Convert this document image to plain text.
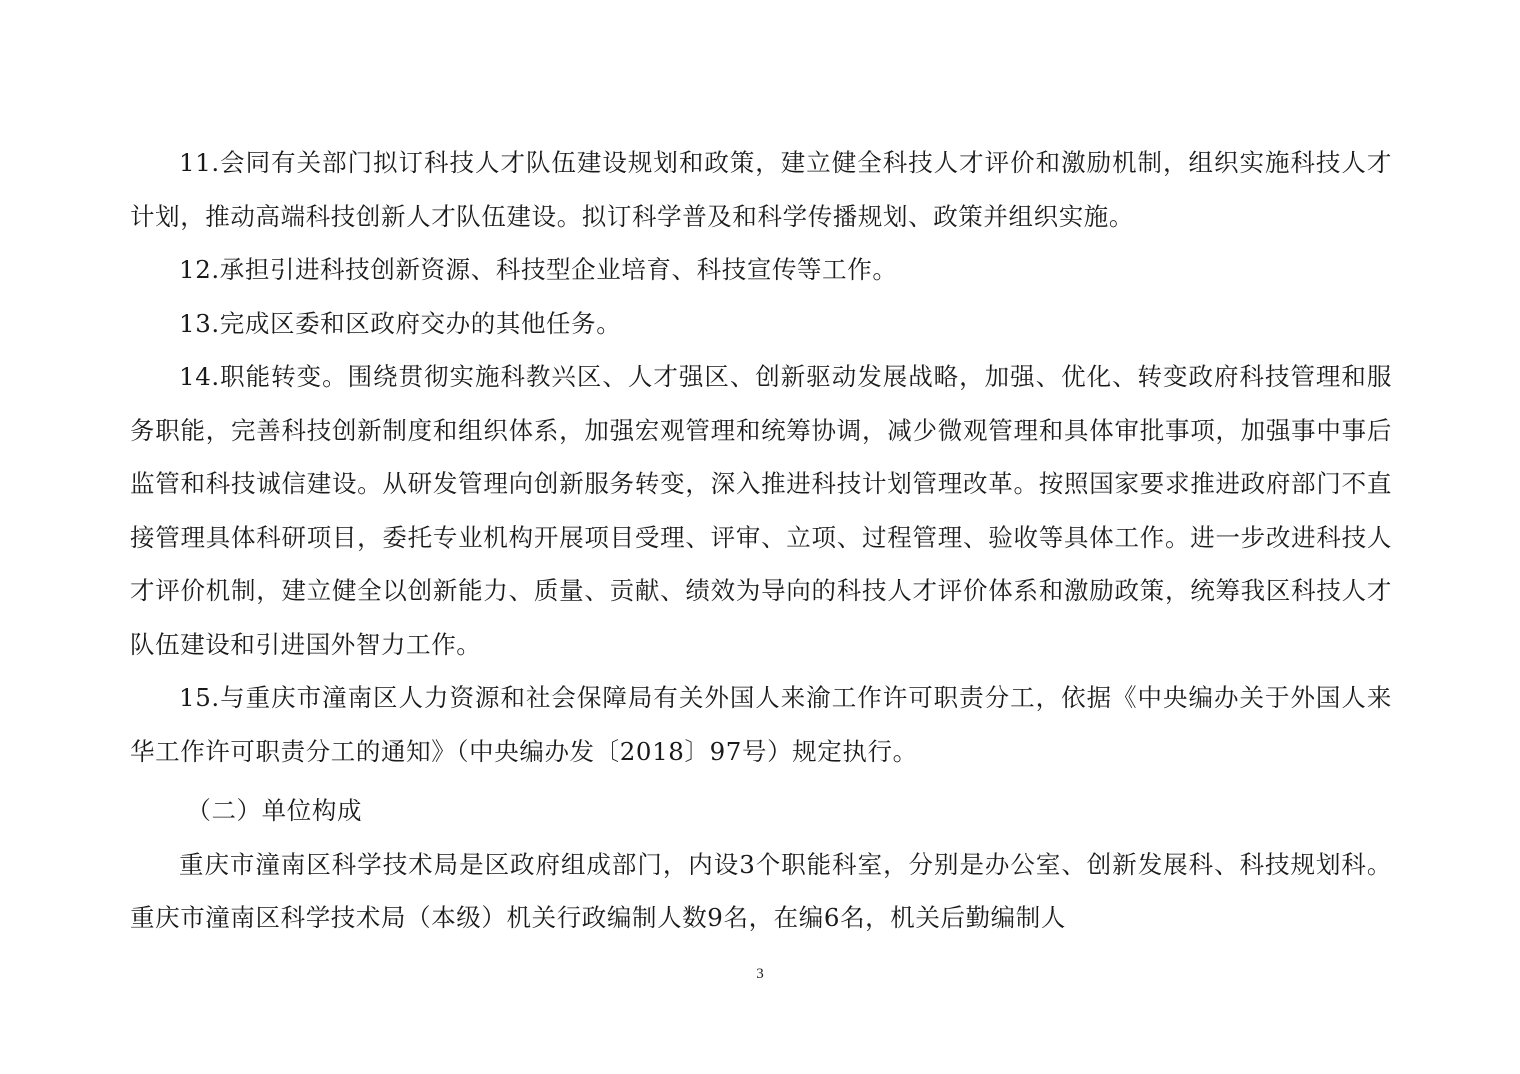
11.会同有关部门拟订科技人才队伍建设规划和政策，建立健全科技人才评价和激励机制，组织实施科技人才计划，推动高端科技创新人才队伍建设。拟订科学普及和科学传播规划、政策并组织实施。

12.承担引进科技创新资源、科技型企业培育、科技宣传等工作。

13.完成区委和区政府交办的其他任务。

14.职能转变。围绕贯彻实施科教兴区、人才强区、创新驱动发展战略，加强、优化、转变政府科技管理和服务职能，完善科技创新制度和组织体系，加强宏观管理和统筹协调，减少微观管理和具体审批事项，加强事中事后监管和科技诚信建设。从研发管理向创新服务转变，深入推进科技计划管理改革。按照国家要求推进政府部门不直接管理具体科研项目，委托专业机构开展项目受理、评审、立项、过程管理、验收等具体工作。进一步改进科技人才评价机制，建立健全以创新能力、质量、贡献、绩效为导向的科技人才评价体系和激励政策，统筹我区科技人才队伍建设和引进国外智力工作。

15.与重庆市潼南区人力资源和社会保障局有关外国人来渝工作许可职责分工，依据《中央编办关于外国人来华工作许可职责分工的通知》（中央编办发〔2018〕97号）规定执行。

（二）单位构成

重庆市潼南区科学技术局是区政府组成部门，内设3个职能科室，分别是办公室、创新发展科、科技规划科。重庆市潼南区科学技术局（本级）机关行政编制人数9名，在编6名，机关后勤编制人

3
